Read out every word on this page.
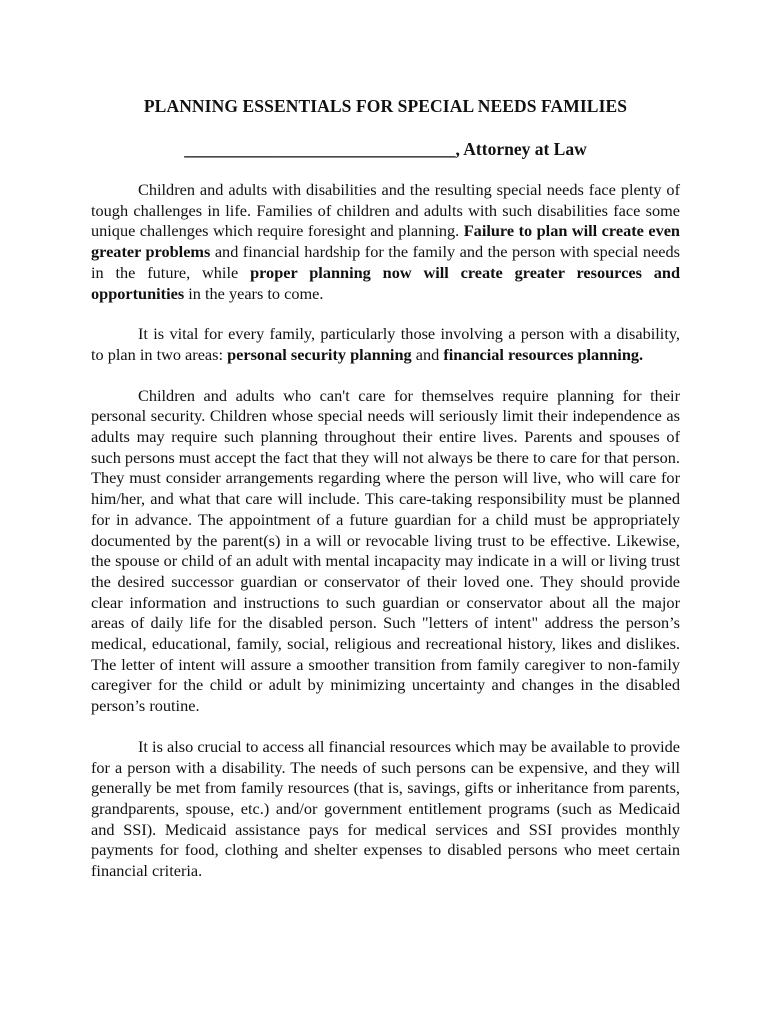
PLANNING ESSENTIALS FOR SPECIAL NEEDS FAMILIES
_______________________________, Attorney at Law

Children and adults with disabilities and the resulting special needs face plenty of tough challenges in life. Families of children and adults with such disabilities face some unique challenges which require foresight and planning. Failure to plan will create even greater problems and financial hardship for the family and the person with special needs in the future, while proper planning now will create greater resources and opportunities in the years to come.

It is vital for every family, particularly those involving a person with a disability, to plan in two areas: personal security planning and financial resources planning.

Children and adults who can't care for themselves require planning for their personal security. Children whose special needs will seriously limit their independence as adults may require such planning throughout their entire lives. Parents and spouses of such persons must accept the fact that they will not always be there to care for that person. They must consider arrangements regarding where the person will live, who will care for him/her, and what that care will include. This care-taking responsibility must be planned for in advance. The appointment of a future guardian for a child must be appropriately documented by the parent(s) in a will or revocable living trust to be effective. Likewise, the spouse or child of an adult with mental incapacity may indicate in a will or living trust the desired successor guardian or conservator of their loved one. They should provide clear information and instructions to such guardian or conservator about all the major areas of daily life for the disabled person. Such "letters of intent" address the person’s medical, educational, family, social, religious and recreational history, likes and dislikes. The letter of intent will assure a smoother transition from family caregiver to non-family caregiver for the child or adult by minimizing uncertainty and changes in the disabled person’s routine.

It is also crucial to access all financial resources which may be available to provide for a person with a disability. The needs of such persons can be expensive, and they will generally be met from family resources (that is, savings, gifts or inheritance from parents, grandparents, spouse, etc.) and/or government entitlement programs (such as Medicaid and SSI). Medicaid assistance pays for medical services and SSI provides monthly payments for food, clothing and shelter expenses to disabled persons who meet certain financial criteria.
